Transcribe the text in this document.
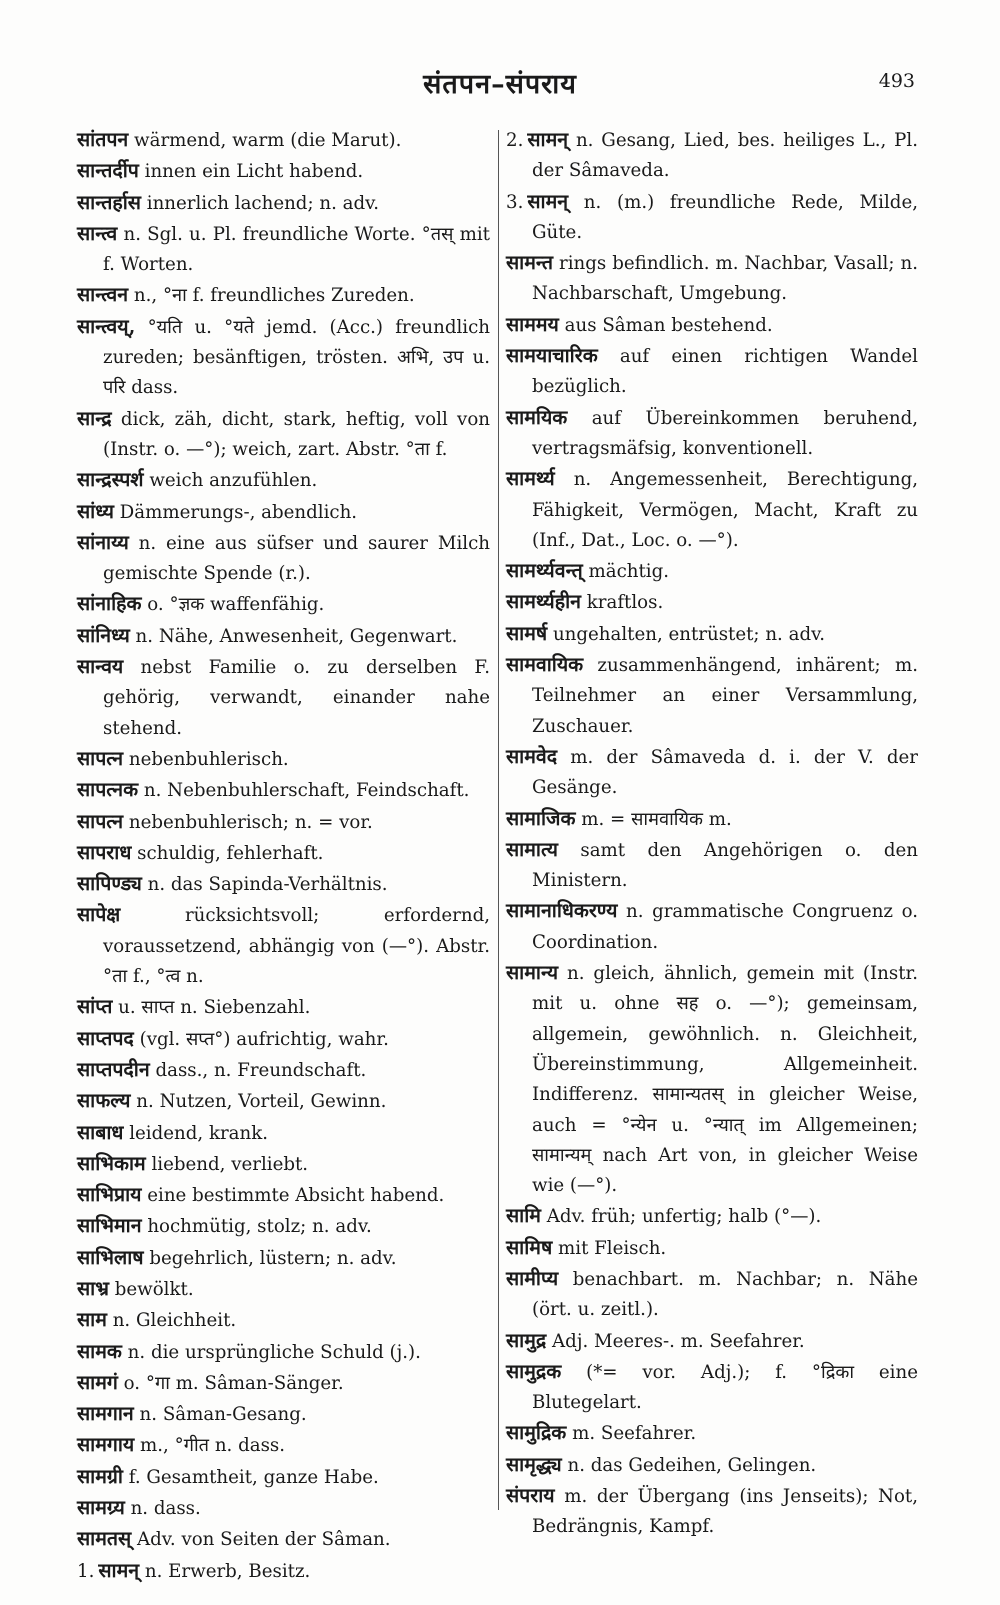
संतपन–संपराय	493
सांतपन wärmend, warm (die Marut).
सान्तर्दीप innen ein Licht habend.
सान्तर्हास innerlich lachend; n. adv.
सान्त्व n. Sgl. u. Pl. freundliche Worte. °तस् mit f. Worten.
सान्त्वन n., °ना f. freundliches Zureden.
सान्त्वय्, °यति u. °यते jemd. (Acc.) freundlich zureden; besänftigen, trösten. अभि, उप u. परि dass.
सान्द्र dick, zäh, dicht, stark, heftig, voll von (Instr. o. —°); weich, zart. Abstr. °ता f.
सान्द्रस्पर्श weich anzufühlen.
सांध्य Dämmerungs-, abendlich.
सांनाय्य n. eine aus süfser und saurer Milch gemischte Spende (r.).
सांनाहिक o. °ज्ञक waffenfähig.
सांनिध्य n. Nähe, Anwesenheit, Gegenwart.
सान्वय nebst Familie o. zu derselben F. gehörig, verwandt, einander nahe stehend.
सापत्न nebenbuhlerisch.
सापत्नक n. Nebenbuhlerschaft, Feindschaft.
सापत्न nebenbuhlerisch; n. = vor.
सापराध schuldig, fehlerhaft.
सापिण्ड्य n. das Sapinda-Verhältnis.
सापेक्ष	rücksichtsvoll; erfordernd, voraussetzend, abhängig von (—°). Abstr. °ता f., °त्व n.
सांप्त u. साप्त n. Siebenzahl.
साप्तपद (vgl. सप्त°) aufrichtig, wahr.
साप्तपदीन dass., n. Freundschaft.
साफल्य n. Nutzen, Vorteil, Gewinn.
साबाध leidend, krank.
साभिकाम liebend, verliebt.
साभिप्राय eine bestimmte Absicht habend.
साभिमान hochmütig, stolz; n. adv.
साभिलाष begehrlich, lüstern; n. adv.
साभ्र bewölkt.
साम n. Gleichheit.
सामक n. die ursprüngliche Schuld (j.).
सामगं o. °गा m. Sâman-Sänger.
सामगान n. Sâman-Gesang.
सामगाय m., °गीत n. dass.
सामग्री f. Gesamtheit, ganze Habe.
सामग्र्य n. dass.
सामतस् Adv. von Seiten der Sâman.
1. सामन् n. Erwerb, Besitz.
2. सामन् n. Gesang, Lied, bes. heiliges L., Pl. der Sâmaveda.
3. सामन् n. (m.) freundliche Rede, Milde, Güte.
सामन्त rings befindlich. m. Nachbar, Vasall; n. Nachbarschaft, Umgebung.
साममय aus Sâman bestehend.
सामयाचारिक auf einen richtigen Wandel bezüglich.
सामयिक auf Übereinkommen beruhend, vertragsmäfsig, konventionell.
सामर्थ्य n. Angemessenheit, Berechtigung, Fähigkeit, Vermögen, Macht, Kraft zu (Inf., Dat., Loc. o. —°).
सामर्थ्यवन्त् mächtig.
सामर्थ्यहीन kraftlos.
सामर्ष ungehalten, entrüstet; n. adv.
सामवायिक zusammenhängend, inhärent; m. Teilnehmer an einer Versammlung, Zuschauer.
सामवेद m. der Sâmaveda d. i. der V. der Gesänge.
सामाजिक m. = सामवायिक m.
सामात्य samt den Angehörigen o. den Ministern.
सामानाधिकरण्य n. grammatische Congruenz o. Coordination.
सामान्य n. gleich, ähnlich, gemein mit (Instr. mit u. ohne सह o. —°); gemeinsam, allgemein, gewöhnlich. n. Gleichheit, Übereinstimmung, Allgemeinheit. Indifferenz. सामान्यतस् in gleicher Weise, auch = °न्येन u. °न्यात् im Allgemeinen; सामान्यम् nach Art von, in gleicher Weise wie (—°).
सामि Adv. früh; unfertig; halb (°—).
सामिष mit Fleisch.
सामीप्य benachbart. m. Nachbar; n. Nähe (ört. u. zeitl.).
सामुद्र Adj. Meeres-. m. Seefahrer.
सामुद्रक (*= vor. Adj.); f. °द्रिका eine Blutegelart.
सामुद्रिक m. Seefahrer.
सामृद्ध्य n. das Gedeihen, Gelingen.
संपराय m. der Übergang (ins Jenseits); Not, Bedrängnis, Kampf.
